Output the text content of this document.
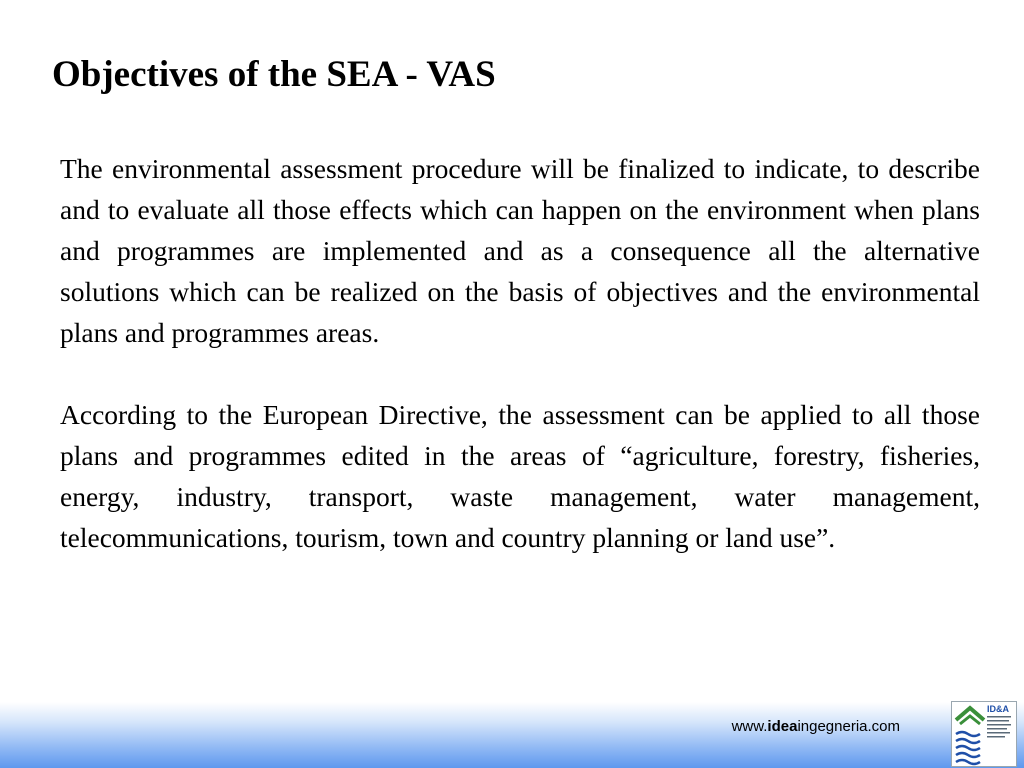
Objectives of the SEA - VAS

The environmental assessment procedure will be finalized to indicate, to describe and to evaluate all those effects which can happen on the environment when plans and programmes are implemented and as a consequence all the alternative solutions which can be realized on the basis of objectives and the environmental plans and programmes areas.

According to the European Directive, the assessment can be applied to all those plans and programmes edited in the areas of “agriculture, forestry, fisheries, energy, industry, transport, waste management, water management, telecommunications, tourism, town and country planning or land use”.

www.ideaingegneria.com
ID&A
